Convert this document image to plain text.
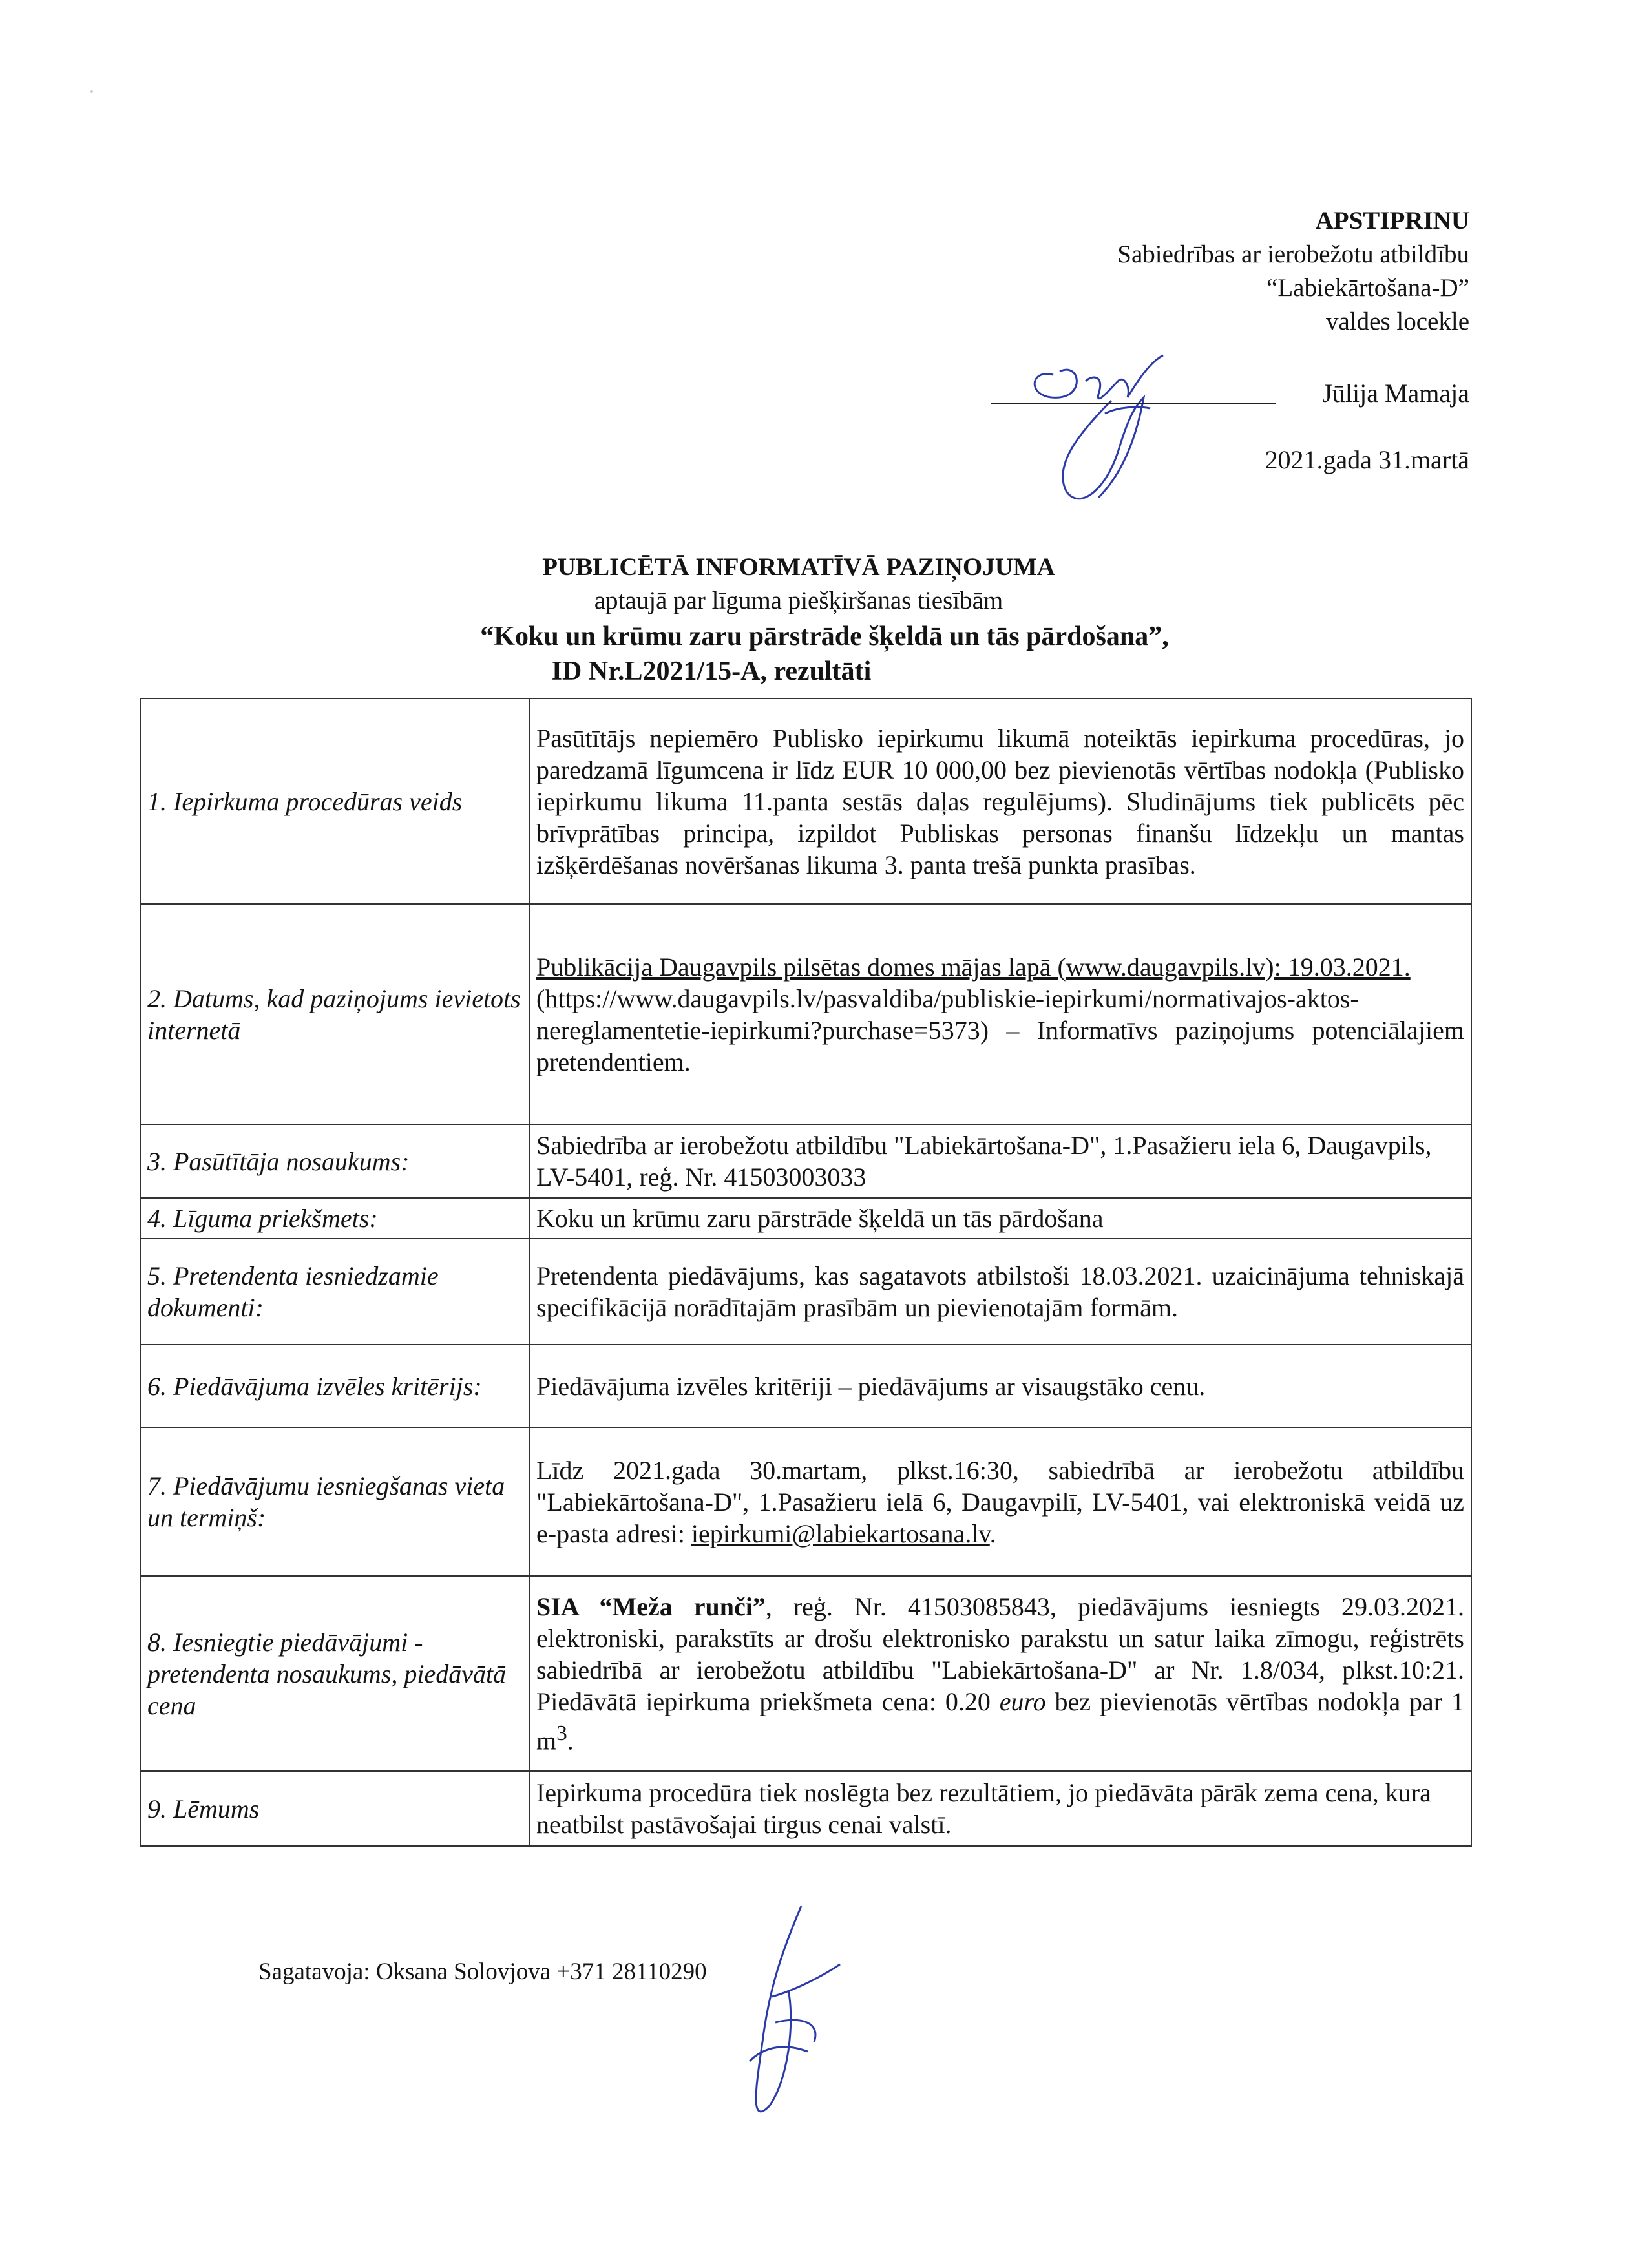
APSTIPRINU
Sabiedrības ar ierobežotu atbildību
“Labiekārtošana-D”
valdes locekle
Jūlija Mamaja
2021.gada 31.martā
PUBLICĒTĀ INFORMATĪVĀ PAZIŅOJUMA
aptaujā par līguma piešķiršanas tiesībām
“Koku un krūmu zaru pārstrāde šķeldā un tās pārdošana”,
ID Nr.L2021/15-A, rezultāti
1. Iepirkuma procedūras veids	Pasūtītājs nepiemēro Publisko iepirkumu likumā noteiktās iepirkuma procedūras, jo paredzamā līgumcena ir līdz EUR 10 000,00 bez pievienotās vērtības nodokļa (Publisko iepirkumu likuma 11.panta sestās daļas regulējums). Sludinājums tiek publicēts pēc brīvprātības principa, izpildot Publiskas personas finanšu līdzekļu un mantas izšķērdēšanas novēršanas likuma 3. panta trešā punkta prasības.
2. Datums, kad paziņojums ievietots internetā	Publikācija Daugavpils pilsētas domes mājas lapā (www.daugavpils.lv): 19.03.2021.
(https://www.daugavpils.lv/pasvaldiba/publiskie-iepirkumi/normativajos-aktos-nereglamentetie-iepirkumi?purchase=5373) – Informatīvs paziņojums potenciālajiem pretendentiem.
3. Pasūtītāja nosaukums:	Sabiedrība ar ierobežotu atbildību "Labiekārtošana-D", 1.Pasažieru iela 6, Daugavpils, LV-5401, reģ. Nr. 41503003033
4. Līguma priekšmets:	Koku un krūmu zaru pārstrāde šķeldā un tās pārdošana
5. Pretendenta iesniedzamie dokumenti:	Pretendenta piedāvājums, kas sagatavots atbilstoši 18.03.2021. uzaicinājuma tehniskajā specifikācijā norādītajām prasībām un pievienotajām formām.
6. Piedāvājuma izvēles kritērijs:	Piedāvājuma izvēles kritēriji – piedāvājums ar visaugstāko cenu.
7. Piedāvājumu iesniegšanas vieta un termiņš:	Līdz 2021.gada 30.martam, plkst.16:30, sabiedrībā ar ierobežotu atbildību "Labiekārtošana-D", 1.Pasažieru ielā 6, Daugavpilī, LV-5401, vai elektroniskā veidā uz e-pasta adresi: iepirkumi@labiekartosana.lv.
8. Iesniegtie piedāvājumi - pretendenta nosaukums, piedāvātā cena	SIA “Meža runči”, reģ. Nr. 41503085843, piedāvājums iesniegts 29.03.2021. elektroniski, parakstīts ar drošu elektronisko parakstu un satur laika zīmogu, reģistrēts sabiedrībā ar ierobežotu atbildību "Labiekārtošana-D" ar Nr. 1.8/034, plkst.10:21. Piedāvātā iepirkuma priekšmeta cena: 0.20 euro bez pievienotās vērtības nodokļa par 1 $m^3$.
9. Lēmums	Iepirkuma procedūra tiek noslēgta bez rezultātiem, jo piedāvāta pārāk zema cena, kura neatbilst pastāvošajai tirgus cenai valstī.
Sagatavoja: Oksana Solovjova +371 28110290
